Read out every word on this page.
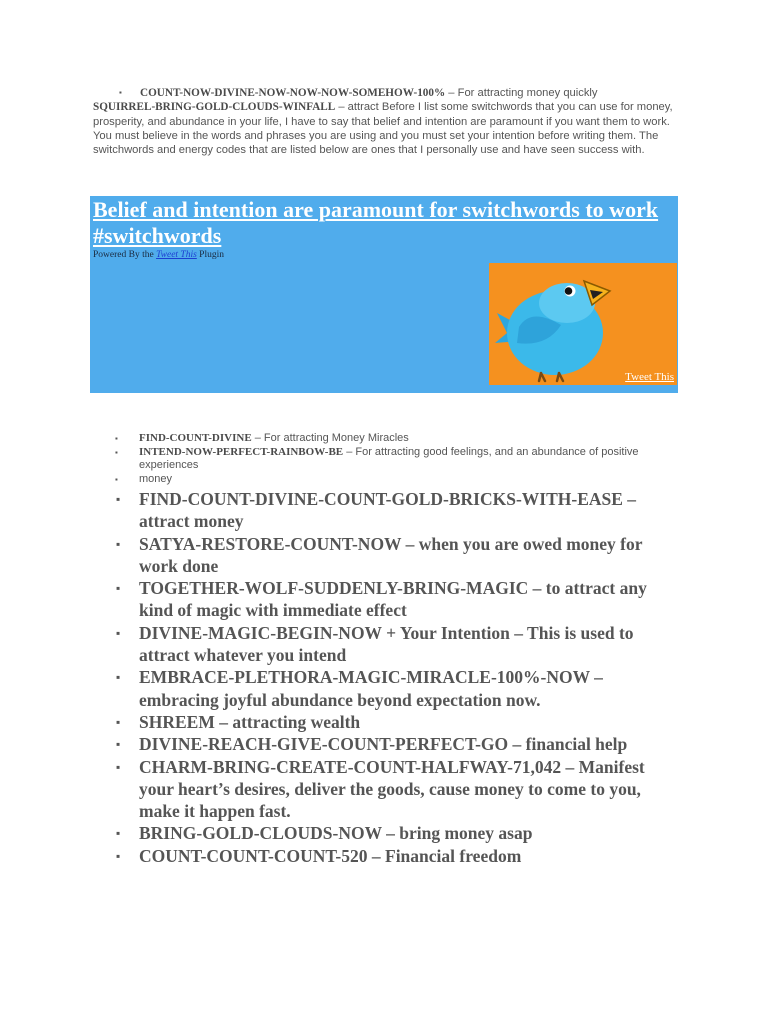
▪ COUNT-NOW-DIVINE-NOW-NOW-NOW-SOMEHOW-100% – For attracting money quickly
SQUIRREL-BRING-GOLD-CLOUDS-WINFALL – attract Before I list some switchwords that you can use for money, prosperity, and abundance in your life, I have to say that belief and intention are paramount if you want them to work. You must believe in the words and phrases you are using and you must set your intention before writing them. The switchwords and energy codes that are listed below are ones that I personally use and have seen success with.
Belief and intention are paramount for switchwords to work #switchwords
Powered By the Tweet This Plugin
Tweet This
▪ FIND-COUNT-DIVINE – For attracting Money Miracles
▪ INTEND-NOW-PERFECT-RAINBOW-BE – For attracting good feelings, and an abundance of positive experiences
▪ money
▪ FIND-COUNT-DIVINE-COUNT-GOLD-BRICKS-WITH-EASE – attract money
▪ SATYA-RESTORE-COUNT-NOW – when you are owed money for work done
▪ TOGETHER-WOLF-SUDDENLY-BRING-MAGIC – to attract any kind of magic with immediate effect
▪ DIVINE-MAGIC-BEGIN-NOW + Your Intention – This is used to attract whatever you intend
▪ EMBRACE-PLETHORA-MAGIC-MIRACLE-100%-NOW – embracing joyful abundance beyond expectation now.
▪ SHREEM – attracting wealth
▪ DIVINE-REACH-GIVE-COUNT-PERFECT-GO – financial help
▪ CHARM-BRING-CREATE-COUNT-HALFWAY-71,042 – Manifest your heart’s desires, deliver the goods, cause money to come to you, make it happen fast.
▪ BRING-GOLD-CLOUDS-NOW – bring money asap
▪ COUNT-COUNT-COUNT-520 – Financial freedom
